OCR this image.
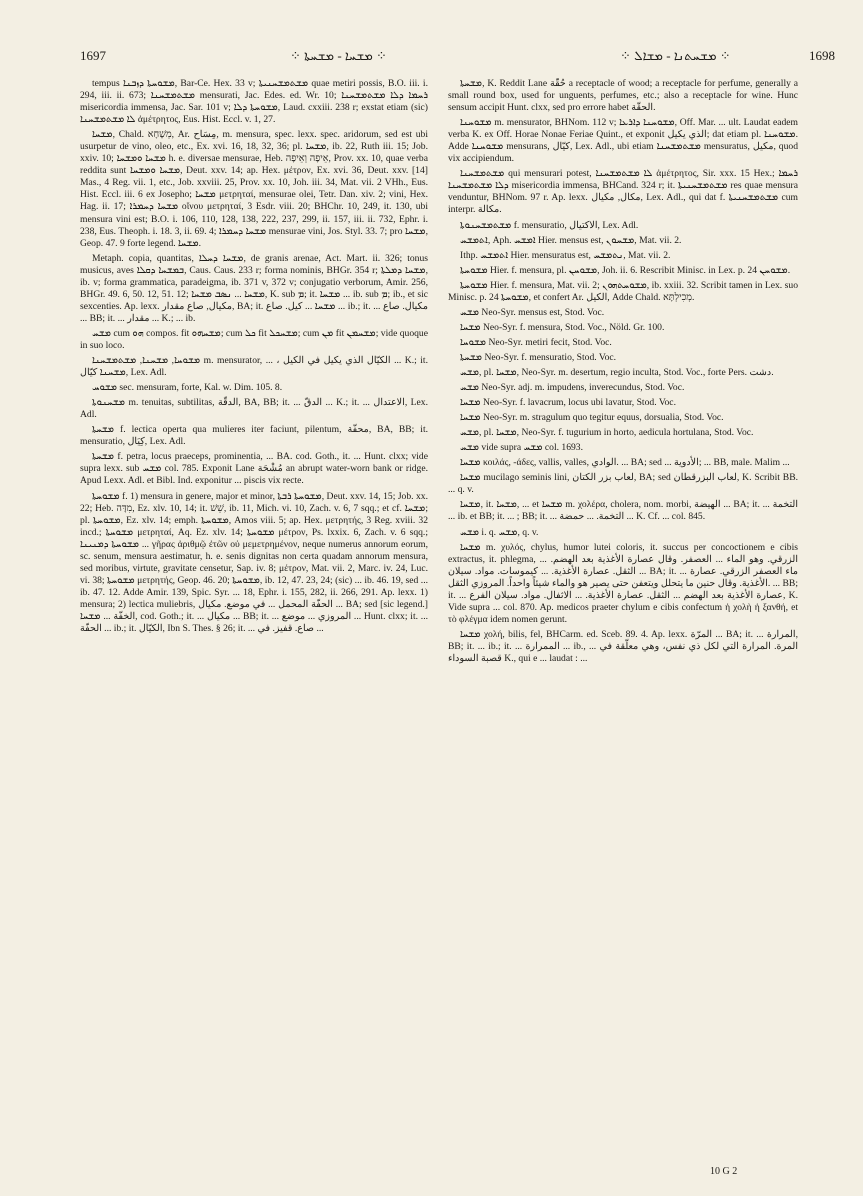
1697	⁘ ܡܫܚܐ - ܡܫܚܬܐ ⁘	⁘ ܡܫܚܬܢܐ - ܡܫܐܠ ⁘	1698

tempus ܡܫܘܚܬܐ ܕܙܒܢܐ, Bar-Ce. Hex. 33 v; ܡܫܬܡܫܚܢܝܬܐ quae metiri possis, B.O. iii. i. 294, iii. ii. 673; ܡܫܬܡܫܚܢܐ mensurati, Jac. Edes. ed. Wr. 10; ܪܚܡܐ ܕܠܐ ܡܫܬܡܫܚܢܐ misericordia immensa, Jac. Sar. 101 v; ܡܫܘܚܬܐ ܕܠܐ, Laud. cxxiii. 238 r; exstat etiam (sic) ܠܐ ܡܫܬܡܫܚܢܐ ἀμέτρητος, Eus. Hist. Eccl. v. 1, 27.

ܡܫܚܐ, Chald. מְשָׁחָא, Ar. مِسَاح, m. mensura, spec. lexx. spec. aridorum, sed est ubi usurpetur de vino, oleo, etc., Ex. xvi. 16, 18, 32, 36; pl. ܡܫܚܐ, ib. 22, Ruth iii. 15; Job. xxiv. 10; ܡܫܚܐ ܘܡܫܚܐ h. e. diversae mensurae, Heb. אֵיפָה וְאֵיפָה, Prov. xx. 10, quae verba reddita sunt ܡܫܚܐ ܘܡܫܚܐ, Deut. xxv. 14; ap. Hex. μέτρον, Ex. xvi. 36, Deut. xxv. [14] Mas., 4 Reg. vii. 1, etc., Job. xxviii. 25, Prov. xx. 10, Joh. iii. 34, Mat. vii. 2 VHh., Eus. Hist. Eccl. iii. 6 ex Josepho; ܡܫܚܐ μετρηταί, mensurae olei, Tetr. Dan. xiv. 2; vini, Hex. Hag. ii. 17; ܡܫܚܐ ܕܚܡܪܐ οἴνου μετρηταί, 3 Esdr. viii. 20; BHChr. 10, 249, it. 130, ubi mensura vini est; B.O. i. 106, 110, 128, 138, 222, 237, 299, ii. 157, iii. ii. 732, Ephr. i. 238, Eus. Theoph. i. 18. 3, ii. 69. 4; ܡܫܚܐ ܕܚܡܪܐ mensurae vini, Jos. Styl. 33. 7; pro ܡܫܚܐ, Geop. 47. 9 forte legend. ܡܫܚܐ.

Metaph. copia, quantitas, ܡܫܚܐ ܕܚܠܐ, de granis arenae, Act. Mart. ii. 326; tonus musicus, aves ܒܡܫܚܐ ܕܩܠܐ, Caus. Caus. 233 r; forma nominis, BHGr. 354 r; ܡܫܚܐ ܕܡܠܬܐ, ib. v; forma grammatica, paradeigma, ib. 371 v, 372 v; conjugatio verborum, Amir. 256, BHGr. 49. 6, 50. 12, 51. 12; ܡܫܚܐ ... ܢܣܒ ܡܫܚܐ, K. sub ܡ; it. ܡܫܚܐ ... ib. sub ܡ; ib., et sic sexcenties. Ap. lexx. مكيال, صاع مقدار, BA; it. ܡܫܚܐ ... كيل. صاع ... ib.; it. ... مكيال. صاع ... BB; it. ... مقدار ... K.; ... ib.

ܡܫܚ cum ܗܘ compos. fit ܡܫܚܗܘ; cum ܟܠ fit ܡܫܚܟܠ; cum ܡܢ fit ܡܫܚܡܢ; vide quoque in suo loco.

ܡܫܘܚܐ, ܡܫܚܢܐ, ܡܫܬܡܫܚܢܐ m. mensurator, ... ، الكيّال الذي يكيل في الكيل ... K.; it. ܡܫܚܢܐ كيّال, Lex. Adl.

ܡܫܘܚ sec. mensuram, forte, Kal. w. Dim. 105. 8.

ܡܫܚܢܘܬܐ m. tenuitas, subtilitas, الدقّة, BA, BB; it. ... الدقّ ... K.; it. ... الاعتدال, Lex. Adl.

ܡܫܚܬܐ f. lectica operta qua mulieres iter faciunt, pilentum, محفّة, BA, BB; it. mensuratio, كِيَال, Lex. Adl.

ܡܫܚܬܐ f. petra, locus praeceps, prominentia, ... BA. cod. Goth., it. ... Hunt. clxx; vide supra lexx. sub ܡܫܚ col. 785. Exponit Lane مُشْحَة an abrupt water-worn bank or ridge. Apud Lexx. Adl. et Bibl. Ind. exponitur ... piscis vix recte.

ܡܫܘܚܬܐ f. 1) mensura in genere, major et minor, ܡܫܘܚܬܐ ܪܒܬܐ, Deut. xxv. 14, 15; Job. xx. 22; Heb. מִדָּה, Ez. xlv. 10, 14; it. שֵׁשׁ, ib. 11, Mich. vi. 10, Zach. v. 6, 7 sqq.; et cf. ܡܫܚܐ; pl. ܡܫܘܚܬܐ, Ez. xlv. 14; emph. ܡܫܘܚܬܐ, Amos viii. 5; ap. Hex. μετρητής, 3 Reg. xviii. 32 incd.; ܡܫܘܚܬܐ μετρηταί, Aq. Ez. xlv. 14; ܡܫܘܚܬܐ μέτρον, Ps. lxxix. 6, Zach. v. 6 sqq.; ܡܫܘܚܬܐ ܕܡܢܝܢܐ ... γῆρας ἀριθμῷ ἐτῶν οὐ μεμετρημένον, neque numerus annorum eorum, sc. senum, mensura aestimatur, h. e. senis dignitas non certa quadam annorum mensura, sed moribus, virtute, gravitate censetur, Sap. iv. 8; μέτρον, Mat. vii. 2, Marc. iv. 24, Luc. vi. 38; ܡܫܘܚܬܐ μετρητής, Geop. 46. 20; ܡܫܘܚܬܐ, ib. 12, 47. 23, 24; (sic) ... ib. 46. 19, sed ... ib. 47. 12. Adde Amir. 139, Spic. Syr. ... 18, Ephr. i. 155, 282, ii. 266, 291. Ap. lexx. 1) mensura; 2) lectica muliebris, الحفّة المحمل ... في موضع. مكيال ... BA; sed [sic legend.] الخفّة ... ܡܫܚܐ, cod. Goth.; it. ... مكيال ... BB; it. ... المروزي ... موضع ... Hunt. clxx; it. ... الحفّة ... ib.; it. الكيّال, Ibn S. Thes. § 26; it. ... صاع. قفيز. في ...

ܡܫܚܬܐ, K. Reddit Lane حُقّة a receptacle of wood; a receptacle for perfume, generally a small round box, used for unguents, perfumes, etc.; also a receptacle for wine. Hunc sensum accipit Hunt. clxx, sed pro errore habet الحقّة.

ܡܫܘܚܢܐ m. mensurator, BHNom. 112 v; ܡܫܘܚܢܐ ܕܐܪܥܐ, Off. Mar. ... ult. Laudat eadem verba K. ex Off. Horae Nonae Feriae Quint., et exponit الذي يكيل; dat etiam pl. ܡܫܘܚܢܐ. Adde ܡܫܘܚܢܐ mensurans, كيّال, Lex. Adl., ubi etiam ܡܫܬܡܫܚܢܐ mensuratus, مكيل, quod vix accipiendum.

ܡܫܬܡܫܚܢܐ qui mensurari potest, ܠܐ ܡܫܬܡܫܚܢܐ ἀμέτρητος, Sir. xxx. 15 Hex.; ܪܚܡܐ ܕܠܐ ܡܫܬܡܫܚܢܐ misericordia immensa, BHCand. 324 r; it. ܡܫܬܡܫܚܢܝܬܐ res quae mensura venduntur, BHNom. 97 r. Ap. lexx. مكال, مكيال, Lex. Adl., qui dat f. ܡܫܬܡܫܚܢܝܬܐ cum interpr. مكالة.

ܡܫܬܡܫܚܢܘܬܐ f. mensuratio, الاكتيال, Lex. Adl.

ܐܬܡܫܚ, Aph. ܐܡܫܚ Hier. mensus est, ܡܫܚܘܢ, Mat. vii. 2.

Ithp. ܐܬܡܫܚ Hier. mensuratus est, ܢܬܡܫܚ, Mat. vii. 2.

ܡܫܘܚܬܐ Hier. f. mensura, pl. ܡܫܘܚܢ, Joh. ii. 6. Rescribit Minisc. in Lex. p. 24 ܡܫܘܚܢ.

ܡܫܘܚܬܐ Hier. f. mensura, Mat. vii. 2; ܡܫܘܚܬܗܘܢ, ib. xxiii. 32. Scribit tamen in Lex. suo Minisc. p. 24 ܡܫܘܚܬܐ, et confert Ar. الكيل, Adde Chald. מְכִילְתָּא.

ܡܫܚ Neo-Syr. mensus est, Stod. Voc.

ܡܫܚܐ Neo-Syr. f. mensura, Stod. Voc., Nöld. Gr. 100.

ܡܫܘܚܐ Neo-Syr. metiri fecit, Stod. Voc.

ܡܫܚܬܐ Neo-Syr. f. mensuratio, Stod. Voc.

ܡܫܚ, pl. ܡܫܚܐ, Neo-Syr. m. desertum, regio inculta, Stod. Voc., forte Pers. دشت.

ܡܫܚ Neo-Syr. adj. m. impudens, inverecundus, Stod. Voc.

ܡܫܚܐ Neo-Syr. f. lavacrum, locus ubi lavatur, Stod. Voc.

ܡܫܚܐ Neo-Syr. m. stragulum quo tegitur equus, dorsualia, Stod. Voc.

ܡܫܚ, pl. ܡܫܚܐ, Neo-Syr. f. tugurium in horto, aedicula hortulana, Stod. Voc.

ܡܫܚ vide supra ܡܫܚ col. 1693.

ܡܫܚܐ κοιλάς, -άδες, vallis, valles, الوادي. ... BA; sed ... الأدوية; ... BB, male. Malim ...

ܡܫܚܐ mucilago seminis lini, لعاب بزر الكتان, BA; sed لعاب البزرقطان, K. Scribit BB. ... q. v.

ܡܫܚܐ, it. ܡܫܚܐ, ... et ܡܫܚܐ m. χολέρα, cholera, nom. morbi, الهيضة ... BA; it. ... التخمة ... ib. et BB; it. ... ; BB; it. ... التخمة. ... حمضة ... K. Cf. ... col. 845.

ܡܫܚ i. q. ܡܫܚ, q. v.

ܡܫܚܐ m. χυλός, chylus, humor lutei coloris, it. succus per concoctionem e cibis extractus, it. phlegma, ... الزرقي. وهو الماء ... العصفر. وقال عصارة الأغذية بعد الهضم. الثقل. عصارة الأغذية. ... كيموسات. مواد. سيلان ... BA; it. ... ماء العصفر الزرقي. عصارة الأغذية. وقال حنين ما يتحلل ويتعفن حتى يصير هو والماء شيئاً واحداً. المروزي الثقل. ... BB; it. ... عصارة الأغذية بعد الهضم ... الثقل. عصارة الأغذية. ... الاثفال. مواد. سيلان الفرع, K. Vide supra ... col. 870. Ap. medicos praeter chylum e cibis confectum ἡ χολὴ ἡ ξανθή, et τὸ φλέγμα idem nomen gerunt.

ܡܫܚܐ χολή, bilis, fel, BHCarm. ed. Sceb. 89. 4. Ap. lexx. المرّة ... BA; it. ... المرارة, BB; it. ... ib.; it. ... الممرارة ... ib., ... المرة. المرارة التي لكل ذي نفس، وهي معلّقة في قصبة السوداء K., qui e ... laudat : ...

10 G 2
